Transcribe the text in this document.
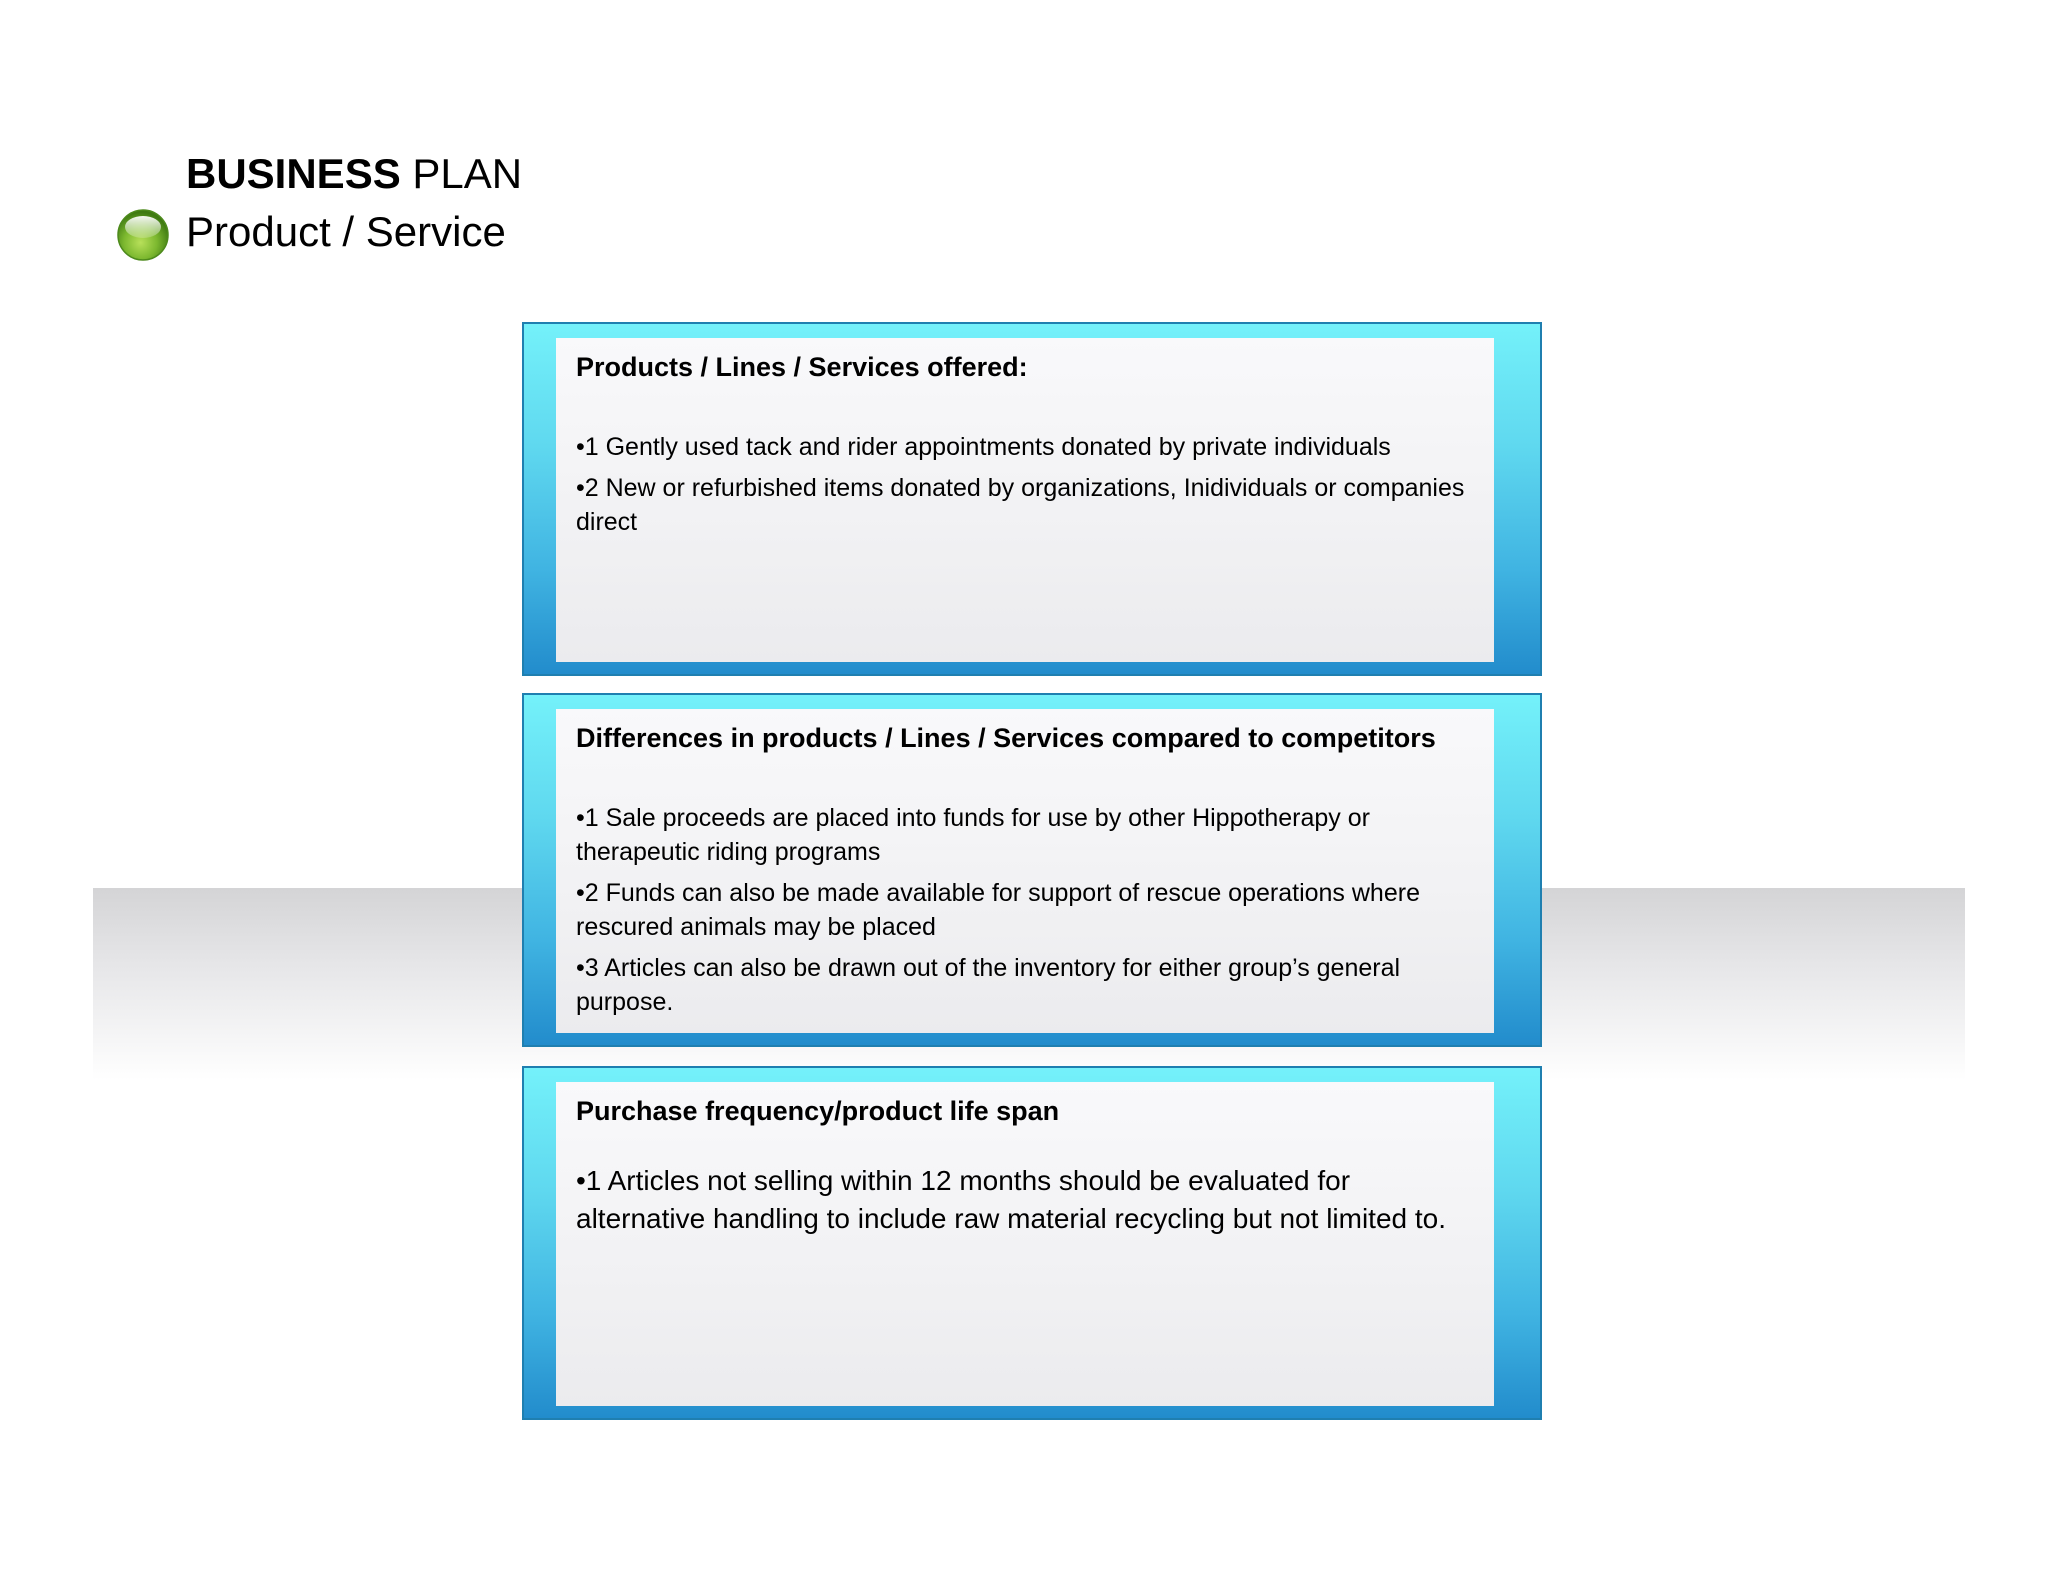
BUSINESS PLAN
Product / Service
Products / Lines / Services offered:
•1 Gently used tack and rider appointments donated by private individuals
•2 New or refurbished items donated by organizations, Inidividuals or companies direct
Differences in products / Lines / Services compared to competitors
•1 Sale proceeds are placed into funds for use by other Hippotherapy or therapeutic riding programs
•2 Funds can also be made available for support of rescue operations where rescured animals may be placed
•3 Articles can also be drawn out of the inventory for either group’s general purpose.
Purchase frequency/product life span
•1 Articles not selling within 12 months should be evaluated for alternative handling to include raw material recycling but not limited to.
